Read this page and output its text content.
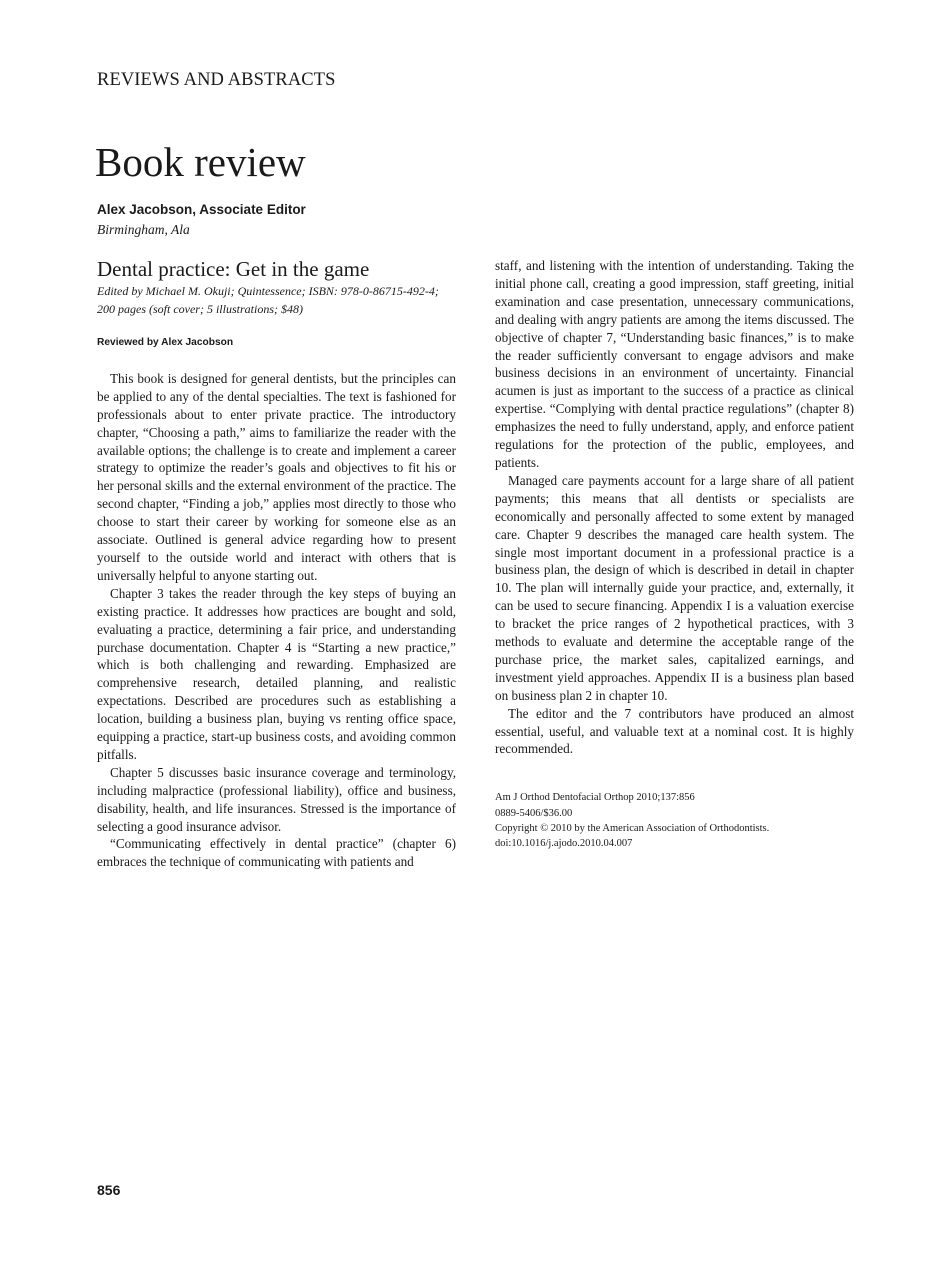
REVIEWS AND ABSTRACTS
Book review
Alex Jacobson, Associate Editor
Birmingham, Ala
Dental practice: Get in the game

Edited by Michael M. Okuji; Quintessence; ISBN: 978-0-86715-492-4; 200 pages (soft cover; 5 illustrations; $48)

Reviewed by Alex Jacobson

This book is designed for general dentists, but the principles can be applied to any of the dental specialties. The text is fashioned for professionals about to enter private practice. The introductory chapter, “Choosing a path,” aims to familiarize the reader with the available options; the challenge is to create and implement a career strategy to optimize the reader’s goals and objectives to fit his or her personal skills and the external environment of the practice. The second chapter, “Finding a job,” applies most directly to those who choose to start their career by working for someone else as an associate. Outlined is general advice regarding how to present yourself to the outside world and interact with others that is universally helpful to anyone starting out.

Chapter 3 takes the reader through the key steps of buying an existing practice. It addresses how practices are bought and sold, evaluating a practice, determining a fair price, and understanding purchase documentation. Chapter 4 is “Starting a new practice,” which is both challenging and rewarding. Emphasized are comprehensive research, detailed planning, and realistic expectations. Described are procedures such as establishing a location, building a business plan, buying vs renting office space, equipping a practice, start-up business costs, and avoiding common pitfalls.

Chapter 5 discusses basic insurance coverage and terminology, including malpractice (professional liability), office and business, disability, health, and life insurances. Stressed is the importance of selecting a good insurance advisor.

“Communicating effectively in dental practice” (chapter 6) embraces the technique of communicating with patients and

staff, and listening with the intention of understanding. Taking the initial phone call, creating a good impression, staff greeting, initial examination and case presentation, unnecessary communications, and dealing with angry patients are among the items discussed. The objective of chapter 7, “Understanding basic finances,” is to make the reader sufficiently conversant to engage advisors and make business decisions in an environment of uncertainty. Financial acumen is just as important to the success of a practice as clinical expertise. “Complying with dental practice regulations” (chapter 8) emphasizes the need to fully understand, apply, and enforce patient regulations for the protection of the public, employees, and patients.

Managed care payments account for a large share of all patient payments; this means that all dentists or specialists are economically and personally affected to some extent by managed care. Chapter 9 describes the managed care health system. The single most important document in a professional practice is a business plan, the design of which is described in detail in chapter 10. The plan will internally guide your practice, and, externally, it can be used to secure financing. Appendix I is a valuation exercise to bracket the price ranges of 2 hypothetical practices, with 3 methods to evaluate and determine the acceptable range of the purchase price, the market sales, capitalized earnings, and investment yield approaches. Appendix II is a business plan based on business plan 2 in chapter 10.

The editor and the 7 contributors have produced an almost essential, useful, and valuable text at a nominal cost. It is highly recommended.

Am J Orthod Dentofacial Orthop 2010;137:856
0889-5406/$36.00
Copyright © 2010 by the American Association of Orthodontists.
doi:10.1016/j.ajodo.2010.04.007
856
